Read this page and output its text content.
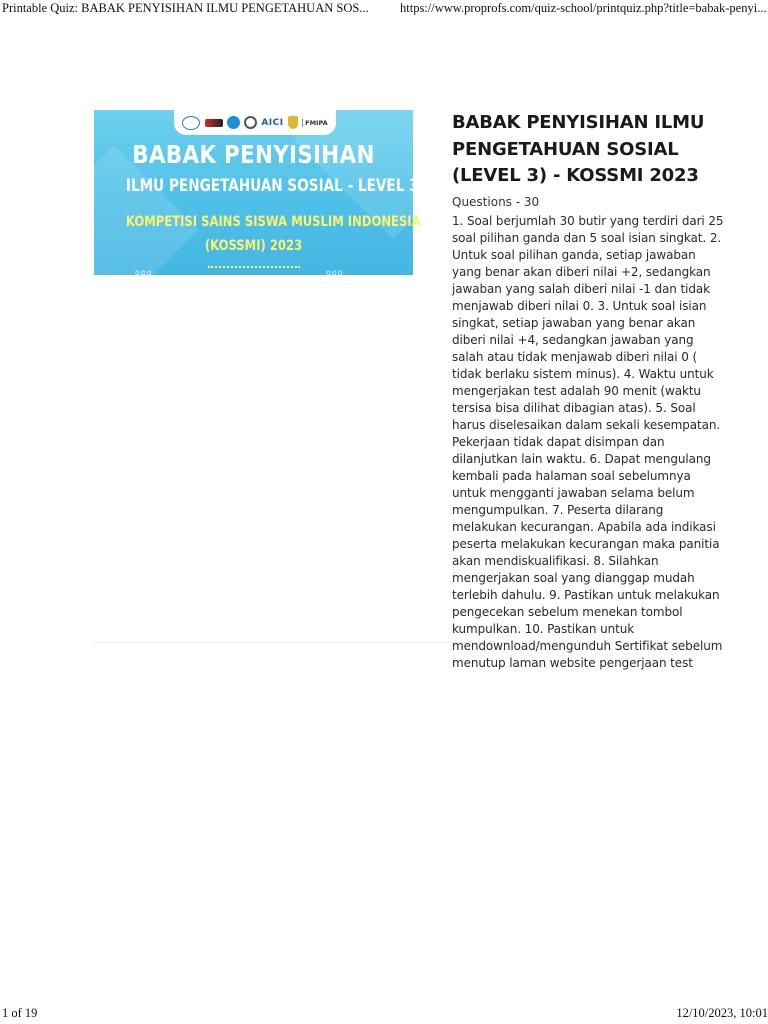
Printable Quiz: BABAK PENYISIHAN ILMU PENGETAHUAN SOS...	https://www.proprofs.com/quiz-school/printquiz.php?title=babak-penyi...
AICI	FMIPA
BABAK PENYISIHAN
ILMU PENGETAHUAN SOSIAL - LEVEL 3
KOMPETISI SAINS SISWA MUSLIM INDONESIA
(KOSSMI) 2023
ooo	ooo
BABAK PENYISIHAN ILMU PENGETAHUAN SOSIAL (LEVEL 3) - KOSSMI 2023
Questions - 30
1. Soal berjumlah 30 butir yang terdiri dari 25 soal pilihan ganda dan 5 soal isian singkat. 2. Untuk soal pilihan ganda, setiap jawaban yang benar akan diberi nilai +2, sedangkan jawaban yang salah diberi nilai -1 dan tidak menjawab diberi nilai 0. 3. Untuk soal isian singkat, setiap jawaban yang benar akan diberi nilai +4, sedangkan jawaban yang salah atau tidak menjawab diberi nilai 0 ( tidak berlaku sistem minus). 4. Waktu untuk mengerjakan test adalah 90 menit (waktu tersisa bisa dilihat dibagian atas). 5. Soal harus diselesaikan dalam sekali kesempatan. Pekerjaan tidak dapat disimpan dan dilanjutkan lain waktu. 6. Dapat mengulang kembali pada halaman soal sebelumnya untuk mengganti jawaban selama belum mengumpulkan. 7. Peserta dilarang melakukan kecurangan. Apabila ada indikasi peserta melakukan kecurangan maka panitia akan mendiskualifikasi. 8. Silahkan mengerjakan soal yang dianggap mudah terlebih dahulu. 9. Pastikan untuk melakukan pengecekan sebelum menekan tombol kumpulkan. 10. Pastikan untuk mendownload/mengunduh Sertifikat sebelum menutup laman website pengerjaan test
1 of 19	12/10/2023, 10:01
